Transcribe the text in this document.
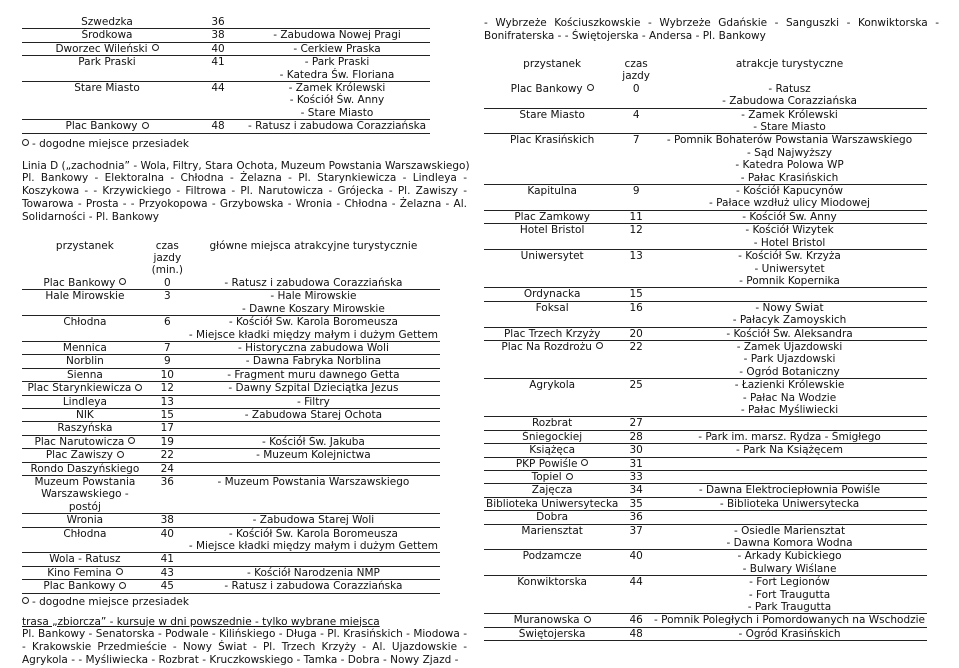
Szwedzka	36	
Środkowa	38	- Zabudowa Nowej Pragi
Dworzec Wileński	40	- Cerkiew Praska
Park Praski	41	- Park Praski
		- Katedra Św. Floriana
Stare Miasto	44	- Zamek Królewski
		- Kościół Św. Anny
		- Stare Miasto
Plac Bankowy	48	- Ratusz i zabudowa Corazziańska
- dogodne miejsce przesiadek
Linia D („zachodnia” - Wola, Filtry, Stara Ochota, Muzeum Powstania Warszawskiego)
Pl. Bankowy - Elektoralna - Chłodna - Żelazna - Pl. Starynkiewicza - Lindleya - Koszykowa - - Krzywickiego - Filtrowa - Pl. Narutowicza - Grójecka - Pl. Zawiszy - Towarowa - Prosta - - Przyokopowa - Grzybowska - Wronia - Chłodna - Żelazna - Al. Solidarności - Pl. Bankowy
przystanek	czas jazdy (min.)	główne miejsca atrakcyjne turystycznie
Plac Bankowy	0	- Ratusz i zabudowa Corazziańska
Hale Mirowskie	3	- Hale Mirowskie
		- Dawne Koszary Mirowskie
Chłodna	6	- Kościół Św. Karola Boromeusza
		- Miejsce kładki między małym i dużym Gettem
Mennica	7	- Historyczna zabudowa Woli
Norblin	9	- Dawna Fabryka Norblina
Sienna	10	- Fragment muru dawnego Getta
Plac Starynkiewicza	12	- Dawny Szpital Dzieciątka Jezus
Lindleya	13	- Filtry
NIK	15	- Zabudowa Starej Ochota
Raszyńska	17	
Plac Narutowicza	19	- Kościół Św. Jakuba
Plac Zawiszy	22	- Muzeum Kolejnictwa
Rondo Daszyńskiego	24	
Muzeum Powstania Warszawskiego - postój	36	- Muzeum Powstania Warszawskiego
Wronia	38	- Zabudowa Starej Woli
Chłodna	40	- Kościół Św. Karola Boromeusza
		- Miejsce kładki między małym i dużym Gettem
Wola - Ratusz	41	
Kino Femina	43	- Kościół Narodzenia NMP
Plac Bankowy	45	- Ratusz i zabudowa Corazziańska
- dogodne miejsce przesiadek
trasa „zbiorcza” - kursuje w dni powszednie - tylko wybrane miejsca
Pl. Bankowy - Senatorska - Podwale - Kilińskiego - Długa - Pl. Krasińskich - Miodowa - - Krakowskie Przedmieście - Nowy Świat - Pl. Trzech Krzyży - Al. Ujazdowskie - Agrykola - - Myśliwiecka - Rozbrat - Kruczkowskiego - Tamka - Dobra - Nowy Zjazd -
- Wybrzeże Kościuszkowskie - Wybrzeże Gdańskie - Sanguszki - Konwiktorska - Bonifraterska - - Świętojerska - Andersa - Pl. Bankowy
przystanek	czas jazdy	atrakcje turystyczne
Plac Bankowy	0	- Ratusz
		- Zabudowa Corazziańska
Stare Miasto	4	- Zamek Królewski
		- Stare Miasto
Plac Krasińskich	7	- Pomnik Bohaterów Powstania Warszawskiego
		- Sąd Najwyższy
		- Katedra Polowa WP
		- Pałac Krasińskich
Kapitulna	9	- Kościół Kapucynów
		- Pałace wzdłuż ulicy Miodowej
Plac Zamkowy	11	- Kościół Św. Anny
Hotel Bristol	12	- Kościół Wizytek
		- Hotel Bristol
Uniwersytet	13	- Kościół Św. Krzyża
		- Uniwersytet
		- Pomnik Kopernika
Ordynacka	15	
Foksal	16	- Nowy Świat
		- Pałacyk Zamoyskich
Plac Trzech Krzyży	20	- Kościół Św. Aleksandra
Plac Na Rozdrożu	22	- Zamek Ujazdowski
		- Park Ujazdowski
		- Ogród Botaniczny
Agrykola	25	- Łazienki Królewskie
		- Pałac Na Wodzie
		- Pałac Myśliwiecki
Rozbrat	27	
Śniegockiej	28	- Park im. marsz. Rydza - Śmigłego
Książęca	30	- Park Na Książęcem
PKP Powiśle	31	
Topiel	33	
Zajęcza	34	- Dawna Elektrociepłownia Powiśle
Biblioteka Uniwersytecka	35	- Biblioteka Uniwersytecka
Dobra	36	
Mariensztat	37	- Osiedle Mariensztat
		- Dawna Komora Wodna
Podzamcze	40	- Arkady Kubickiego
		- Bulwary Wiślane
Konwiktorska	44	- Fort Legionów
		- Fort Traugutta
		- Park Traugutta
Muranowska	46	- Pomnik Poległych i Pomordowanych na Wschodzie
Świętojerska	48	- Ogród Krasińskich
